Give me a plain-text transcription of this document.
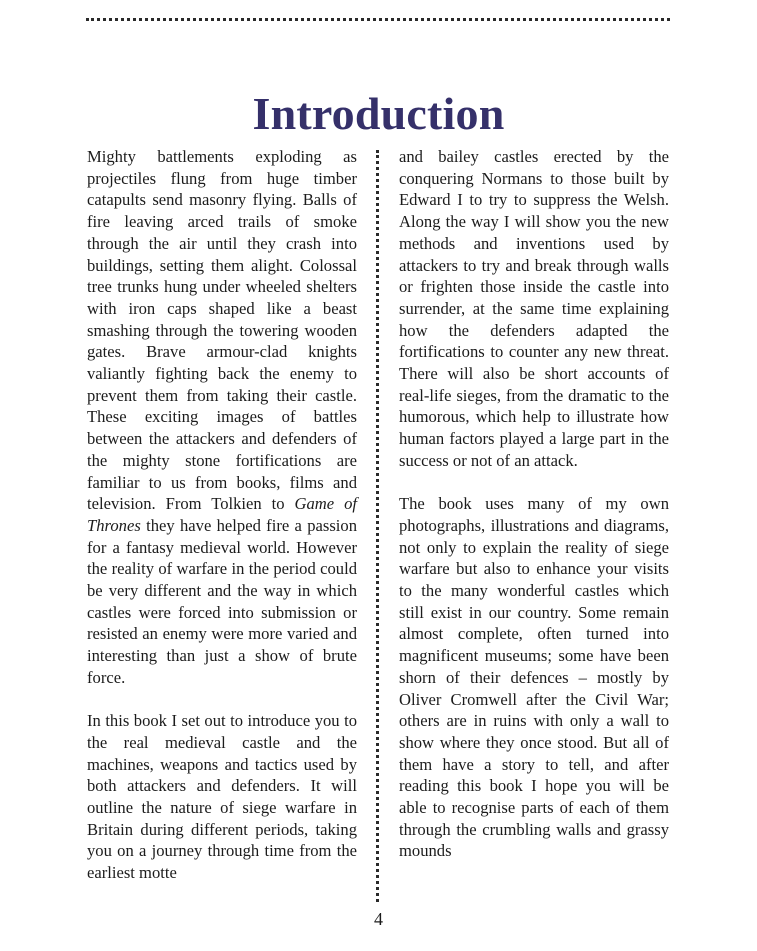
Introduction

Mighty battlements exploding as projectiles flung from huge timber catapults send masonry flying. Balls of fire leaving arced trails of smoke through the air until they crash into buildings, setting them alight. Colossal tree trunks hung under wheeled shelters with iron caps shaped like a beast smashing through the towering wooden gates. Brave armour-clad knights valiantly fighting back the enemy to prevent them from taking their castle. These exciting images of battles between the attackers and defenders of the mighty stone fortifications are familiar to us from books, films and television. From Tolkien to Game of Thrones they have helped fire a passion for a fantasy medieval world. However the reality of warfare in the period could be very different and the way in which castles were forced into submission or resisted an enemy were more varied and interesting than just a show of brute force.

In this book I set out to introduce you to the real medieval castle and the machines, weapons and tactics used by both attackers and defenders. It will outline the nature of siege warfare in Britain during different periods, taking you on a journey through time from the earliest motte

and bailey castles erected by the conquering Normans to those built by Edward I to try to suppress the Welsh. Along the way I will show you the new methods and inventions used by attackers to try and break through walls or frighten those inside the castle into surrender, at the same time explaining how the defenders adapted the fortifications to counter any new threat. There will also be short accounts of real-life sieges, from the dramatic to the humorous, which help to illustrate how human factors played a large part in the success or not of an attack.

The book uses many of my own photographs, illustrations and diagrams, not only to explain the reality of siege warfare but also to enhance your visits to the many wonderful castles which still exist in our country. Some remain almost complete, often turned into magnificent museums; some have been shorn of their defences – mostly by Oliver Cromwell after the Civil War; others are in ruins with only a wall to show where they once stood. But all of them have a story to tell, and after reading this book I hope you will be able to recognise parts of each of them through the crumbling walls and grassy mounds

4
